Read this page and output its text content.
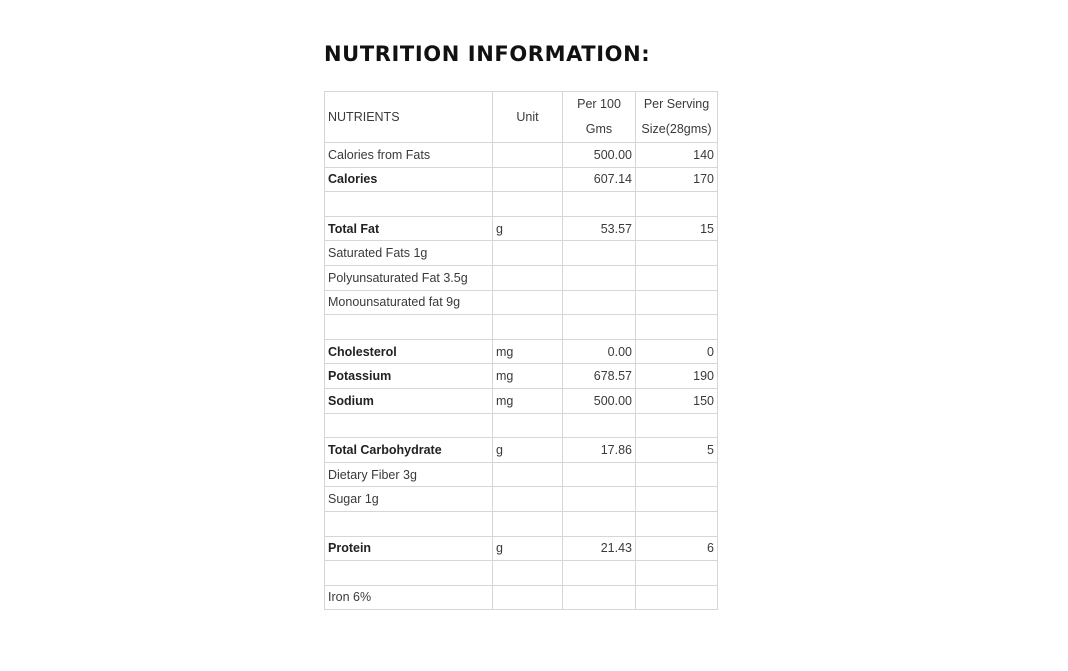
NUTRITION INFORMATION:
NUTRIENTS	Unit	Per 100 Gms	Per Serving Size(28gms)
Calories from Fats		500.00	140
Calories		607.14	170

Total Fat	g	53.57	15
Saturated Fats 1g			
Polyunsaturated Fat 3.5g			
Monounsaturated fat 9g			

Cholesterol	mg	0.00	0
Potassium	mg	678.57	190
Sodium	mg	500.00	150

Total Carbohydrate	g	17.86	5
Dietary Fiber 3g			
Sugar 1g			

Protein	g	21.43	6

Iron 6%			
